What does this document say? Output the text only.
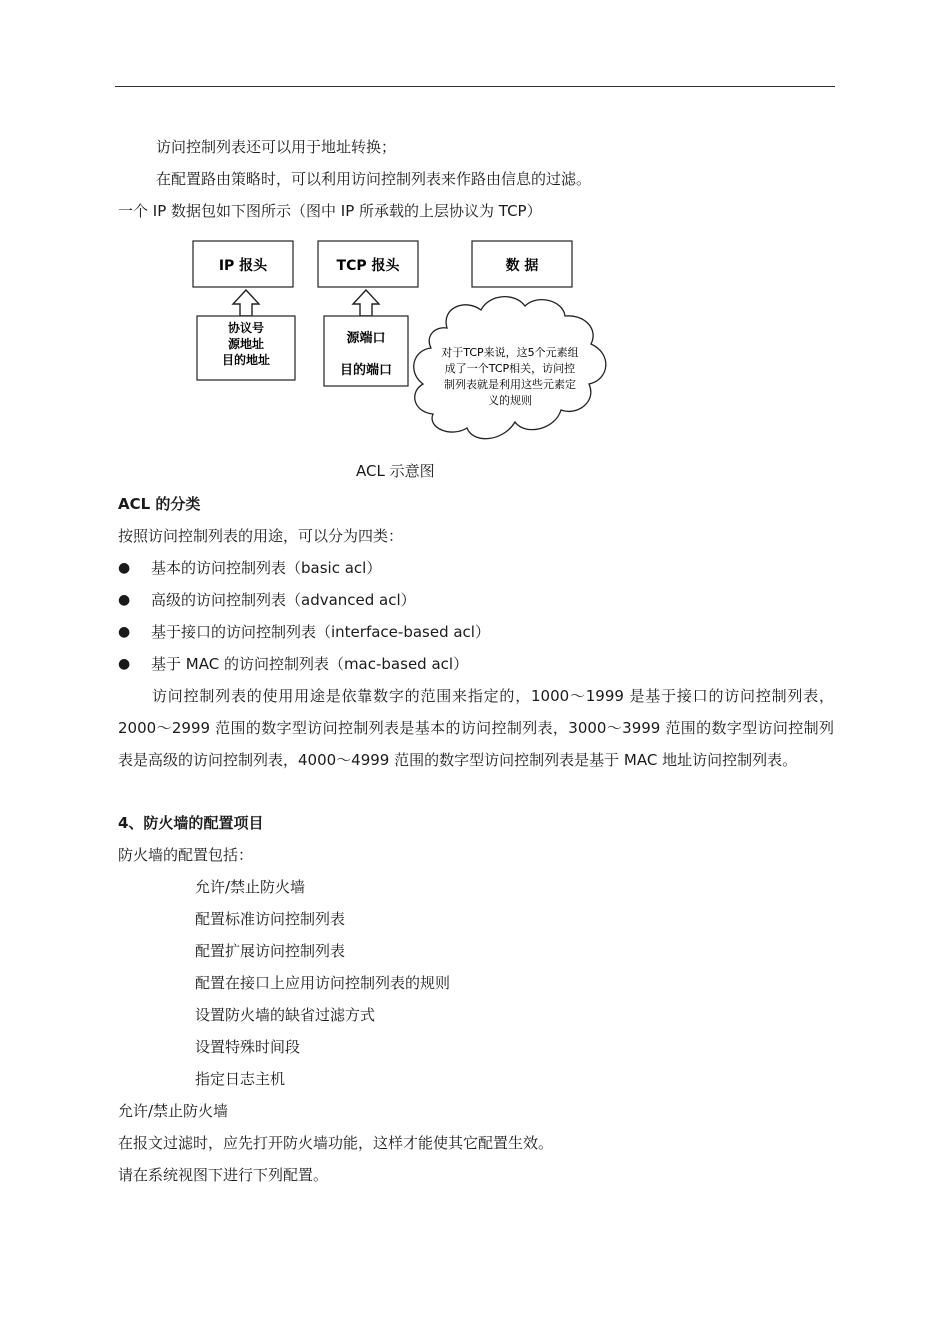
访问控制列表还可以用于地址转换；
在配置路由策略时，可以利用访问控制列表来作路由信息的过滤。
一个 IP 数据包如下图所示（图中 IP 所承载的上层协议为 TCP）
IP 报头	TCP 报头	数 据
协议号
源地址
目的地址
源端口
目的端口
对于TCP来说，这5个元素组
成了一个TCP相关，访问控
制列表就是利用这些元素定
义的规则
ACL 示意图
ACL 的分类
按照访问控制列表的用途，可以分为四类：
● 基本的访问控制列表（basic acl）
● 高级的访问控制列表（advanced acl）
● 基于接口的访问控制列表（interface-based acl）
● 基于 MAC 的访问控制列表（mac-based acl）
访问控制列表的使用用途是依靠数字的范围来指定的，1000～1999 是基于接口的访问控制列表，2000～2999 范围的数字型访问控制列表是基本的访问控制列表，3000～3999 范围的数字型访问控制列表是高级的访问控制列表，4000～4999 范围的数字型访问控制列表是基于 MAC 地址访问控制列表。
4、防火墙的配置项目
防火墙的配置包括：
允许/禁止防火墙
配置标准访问控制列表
配置扩展访问控制列表
配置在接口上应用访问控制列表的规则
设置防火墙的缺省过滤方式
设置特殊时间段
指定日志主机
允许/禁止防火墙
在报文过滤时，应先打开防火墙功能，这样才能使其它配置生效。
请在系统视图下进行下列配置。
